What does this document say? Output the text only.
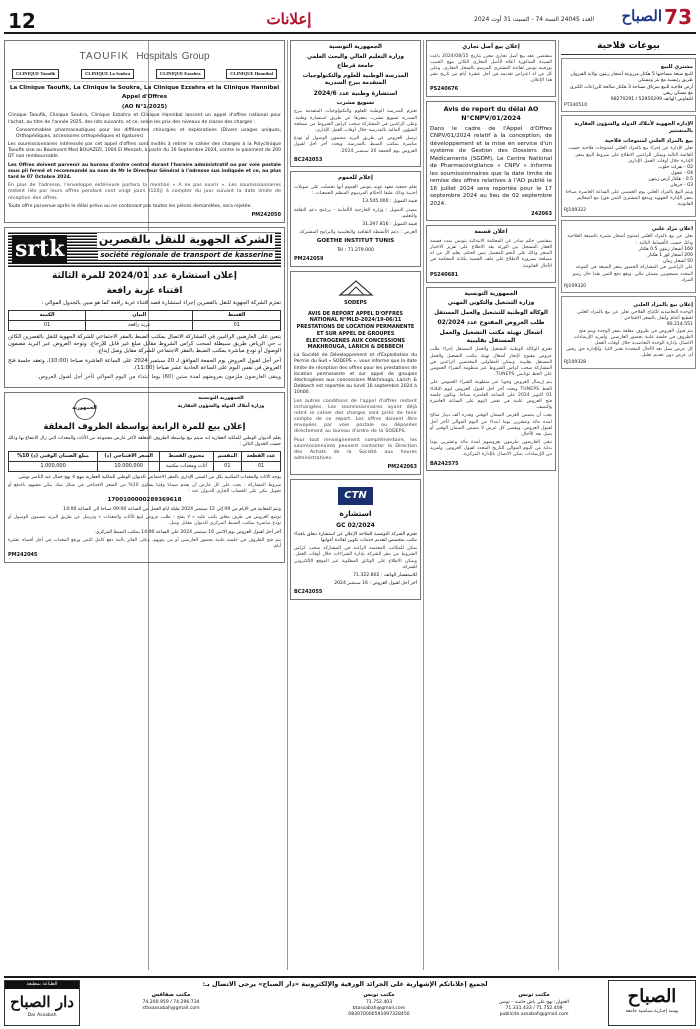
12	إعلانات	العدد 24045 السنة 74 - السبت 31 أوت 2024	73
الصباح
بيوعات فلاحية
مشتري للبيع

للبيع ضيعة مساحتها 5 هكتار مزروعة أشجار زيتون بولاية القيروان طريق رئيسية مع بئر ومسكن

أرض فلاحية للبيع بمرناق مساحة 3 هكتار صالحة للزراعات الكبرى مع مسكن ريفي

للتفاوض الهاتف 52950299 / 98270291

PT240510
الإدارة الجهوية لأملاك الدولة والشؤون العقارية بالمنستير
بيع بالمزاد العلني لمنتوجات فلاحية

تعلن الإدارة عن إجراء بيع بالمزاد العلني لمنتوجات فلاحية حسب القائمة التالية ويمكن للراغبين الاطلاع على شروط البيع بمقر الإدارة خلال أوقات العمل الإداري.

02 - بقرات حلوب

04 - عجول

0.5 - هكتار أرض زيتون

03 - خرفان

ويتم البيع بالمزاد العلني يوم الخميس على الساعة العاشرة صباحا بمقر الإدارة الجهوية ويدفع المشتري الثمن فورا مع المعاليم القانونية.

RJ109322
اعلان مزاد علني

يعلن عن بيع بالمزاد العلني لمنتوج أشجار مثمرة بالضيعة الفلاحية وذلك حسب الأقساط التالية :

160 أشجار زيتون 0.5 هكتار

200 أشجار لوز 1 هكتار

50 أشجار رمان

على الراغبين في المشاركة الحضور بمقر الضيعة في الموعد المحدد مصحوبين بضمان مالي. ويقع دفع الثمن نقدا حال رسو المزاد.

RJ109320
إعلان بيع بالمزاد العلني

الوحدة التعاضدية للإنتاج الفلاحي تعلن عن بيع بالمزاد العلني لقطيع أغنام وأبقار بالسعر الافتتاحي :

90.214.551

يتم قبول العروض في ظروف مغلقة بمقر الوحدة ويتم فتح الظروف في جلسة علنية بحضور العارضين. ولمزيد الإرشادات الاتصال بإدارة الوحدة التعاضدية خلال أوقات العمل.

كل عرض يصل بعد الآجال المحددة يعتبر لاغيا. وللإدارة حق رفض أي عرض دون تقديم تعليل.

RJ109328
إعلان بيع أصل تجاري

بمقتضى عقد بيع أصل تجاري محرر بتاريخ 2024/08/15 باعت السيدة المذكورة أعلاه الأصل التجاري الكائن بنهج الحبيب بورقيبة تونس لفائدة المشتري المرسم بالسجل التجاري. وعلى كل من له اعتراض تقديمه في أجل عشرة أيام من تاريخ نشر هذا الإعلان.

PS240676
Avis de report du délai AO N°CNPV/01/2024

Dans le cadre de l'Appel d'Offres CNPV/01/2024 relatif à la conception, de développement et la mise en service d'un système de Gestion des Dossiers des Médicaments (SGDM), Le Centre National de Pharmacovigilance « CNPV » informe les soumissionnaires que la date limite de remise des offres relatives à l'AO publié le 16 juillet 2024 sera reportée pour le 17 septembre 2024 au lieu de 02 septembre 2024.

242063
اعلان قسمة

بمقتضى حكم صادر عن المحكمة الابتدائية بتونس تمت قسمة العقار المسجل بين الورثة بعد الاطلاع على تقرير الاختبار المنجز وذلك على النحو المفصل بنص الحكم. يعلم كل من له مصلحة بضرورة الاطلاع على ملف القضية بكتابة المحكمة في الآجال القانونية.

PS240681
الجمهورية التونسية
وزارة التشغيل والتكوين المهني
الوكالة الوطنية للتشغيل والعمل المستقل
طلب العروض المفتوح عدد 02/2024
اشغال تهيئة مكتب التشغيل والعمل المستقل بقليبية

تعتزم الوكالة الوطنية للتشغيل والعمل المستقل إجراء طلب عروض مفتوح لإنجاز أشغال تهيئة مكتب التشغيل والعمل المستقل بقليبية. ويمكن للمقاولين المختصين الراغبين في المشاركة سحب كراس الشروط عبر منظومة الشراء العمومي على الخط تونابس TUNEPS.

يتم إرسال العروض وجوبا عبر منظومة الشراء العمومي على الخط TUNEPS ويحدد آخر أجل لقبول العروض ليوم الثلاثاء 01 أكتوبر 2024 على الساعة العاشرة صباحا. وتكون جلسة فتح العروض علنية في نفس اليوم على الساعة العاشرة والنصف.

يجب أن يتضمن العرض الضمان الوقتي وقدره ألف دينار صالح لمدة مائة وعشرين يوما ابتداء من اليوم الموالي لآخر أجل لقبول العروض. ويقصى كل عرض لا يتضمن الضمان الوقتي أو يصل بعد الآجال.

تبقى العارضون ملزمون بعروضهم لمدة مائة وعشرين يوما بداية من اليوم الموالي للتاريخ المحدد لقبول العروض. ولمزيد من الإرشادات يمكن الاتصال بالإدارة المركزية.

BA242575
الجمهورية التونسية
وزارة التعليم العالي والبحث العلمي
جامعة قرطاج
المدرسة الوطنية للعلوم والتكنولوجيات المتقدمة ببرج السدرية
استشارة وطنية عدد 2024/6
تسويغ مشرب

تعتزم المدرسة الوطنية للعلوم والتكنولوجيات المتقدمة ببرج السدرية تسويغ مشرب بمقرها عن طريق استشارة وطنية. وعلى الراغبين في المشاركة سحب كراس الشروط من مصلحة الشؤون المالية بالمدرسة خلال أوقات العمل الإداري.

ترسل العروض عن طريق البريد مضمون الوصول أو تودع مباشرة بمكتب الضبط بالمدرسة. ويحدد آخر أجل لقبول العروض يوم الجمعة 20 سبتمبر 2024.

BC242053
إعلام للعموم

تعلم جمعية معهد غوته بتونس العموم أنها تحصلت على تمويلات أجنبية وذلك طبقا لأحكام المرسوم المنظم للجمعيات :

قيمة التمويل : 13.545.000

مصدر التمويل : وزارة الخارجية الألمانية - برنامج دعم الثقافة والتعليم.

قيمة التمويل : 31.297.816

الغرض : دعم الأنشطة الثقافية والتعليمية والبرامج المشتركة.

GOETHE INSTITUT TUNIS

Tél : 71.279.000

PM242059
SODEPS
AVIS DE REPORT APPEL D'OFFRES NATIONAL N°MLD-2024/19-06/11 PRESTATIONS DE LOCATION PERMANENTE ET SUR APPEL DE GROUPES ELECTROGENES AUX CONCESSIONS MAKHROUGA, LARICH & DEBBECH

La Société de Développement et d'Exploitation du Permis du Sud « SODEPS », vous informe que la date limite de réception des offres pour les prestations de location permanente et sur appel de groupes électrogènes aux concessions Makhrouga, Larich & Debbech est reportée au lundi 16 septembre 2024 à 10h00.

Les autres conditions de l'appel d'offres restent inchangées. Les soumissionnaires ayant déjà retiré le cahier des charges sont priés de tenir compte de ce report. Les offres doivent être envoyées par voie postale ou déposées directement au bureau d'ordre de la SODEPS.

Pour tout renseignement complémentaire, les soumissionnaires peuvent contacter la Direction des Achats de la Société aux heures administratives.

PM242063
CTN
استشارة
2024/GC 02

تعتزم الشركة التونسية للملاحة الإعلان عن استشارة تتعلق باقتناء مكتب متخصص لتقديم خدمات تكوين لفائدة أعوانها

يمكن للمكاتب المختصة الراغبة في المشاركة سحب كراس الشروط من مقر الشركة بإدارة الشراءات خلال أوقات العمل. ويمكن الاطلاع على الوثائق المطلوبة عبر الموقع الإلكتروني للشركة.

للاستفسار الهاتف : 71.322.802

آخر أجل لقبول العروض : 16 سبتمبر 2024

BC242055
TAOUFIK Hospitals Group
CLINIQUE Taoufik	CLINIQUE La Soukra	CLINIQUE Ezzahra	CLINIQUE Hannibal
La Clinique Taoufik, La Clinique la Soukra, La Clinique Ezzahra et la Clinique Hannibal
Appel d'Offres
(AO N°1/2025)

Clinique Taoufik, Clinique Soukra, Clinique Ezzahra et Clinique Hannibal lancent un appel d'offres national pour l'achat, au titre de l'année 2025, des lots suivants, et ce, selon les prix des niveaux de classe des charges :

Consommables pharmaceutiques pour les différentes chirurgies et explorations (Divers usages uniques, Orthopédiques, accessoires orthopédiques et ligatures)

Les soumissionnaires intéressés par cet appel d'offres sont invités à retirer le cahier des charges à la Polyclinique Taoufik sise au Boulevard Med BOUAZIZI, 1004 El Menzah, à partir du 16 Septembre 2024, contre le paiement de 200 DT non remboursable.

Les Offres doivent parvenir au bureau d'ordre central durant l'horaire administratif ou par voie postale sous pli fermé et recommandé au nom de Mr le Directeur Général à l'adresse sus indiquée et ce, au plus tard le 07 Octobre 2024.

En plus de l'adresse, l'enveloppe extérieure portera la mention « A ne pas ouvrir ». Les soumissionnaires restent liés par leurs offres pendant cent vingt jours (120j) à compter du jour suivant la date limite de réception des offres.

Toute offre parvenue après le délai prévu ou ne contenant pas toutes les pièces demandées, sera rejetée.

PM242050
srtk	الشركة الجهوية للنقل بالقصرين
société régionale de transport de kasserine
إعلان استشارة عدد 2024/01 للمرة الثالثة
اقتناء عربة رافعة

تعتزم الشركة الجهوية للنقل بالقصرين إجراء استشارة قصد اقتناء عربة رافعة كما هو مبين بالجدول الموالي :

القسط	البيان	الكمية
01	عربة رافعة	01

يتعين على العارضين الراغبين في المشاركة الاتصال بمكتب الضبط بالمقر الاجتماعي للشركة الجهوية للنقل بالقصرين الكائن بـ حي الرياض طريق سبيطلة لسحب كراس الشروط مقابل مبلغ غير قابل للإرجاع. وتوجه العروض عبر البريد مضمون الوصول أو تودع مباشرة بمكتب الضبط بالمقر الاجتماعي للشركة مقابل وصل إيداع.

آخر أجل لقبول العروض يوم الجمعة الموافق لـ 20 سبتمبر 2024 على الساعة العاشرة صباحا (10:00)، وتعقد جلسة فتح العروض في نفس اليوم على الساعة الحادية عشر صباحا (11:00).

ويبقى العارضون ملزمون بعروضهم لمدة ستين (60) يوما ابتداء من اليوم الموالي لآخر أجل لقبول العروض.

الجمهورية التونسية
وزارة أملاك الدولة والشؤون العقارية
الجمهورية
إعلان بيع للمرة الرابعة بواسطة الظروف المغلقة

يعلم الديوان الوطني للملكية العقارية انه سيتم بيع بواسطة الظروف المغلقة لأكثر عارض مجموعة من الأثاث والمعدات التي زال الانتفاع بها وذلك حسب الجدول التالي :

عدد القطعة	المقسم	محتوى القسط	السعر الافتتاحي (د)	مبلغ الضمان الوقتي (د) 10%
01	01	أثاث ومعدات مكتبية	10.000,000	1.000,000

يوجه الأثاث والمعدات المكتبية بكل من المبنى الإداري بالمقر الاجتماعي للديوان الوطني للملكية العقارية بنهج 4 نهج جمال عبد الناصر تونس.

شروط المشاركة : يجب على كل عارض أن يقدم ضمانا وقتيا يساوي 10% من السعر الافتتاحي في شكل صك بنكي مشهود بالدفع أو تحويل بنكي على الحساب الجاري للديوان عدد :

1700100000289369618

وتتم المعاينة في الايام من 09 إلى 12 سبتمبر 2024 طيلة ايام العمل من الساعة 09:00 صباحا الى الساعة 14:00.

توضع العروض في ظرف مغلق يكتب عليه « لا يفتح - طلب عروض لبيع الأثاث والمعدات » وترسل عن طريق البريد مضمون الوصول أو تودع مباشرة بمكتب الضبط المركزي للديوان مقابل وصل.

آخر أجل لقبول العروض يوم الاثنين 16 سبتمبر 2024 على الساعة 14:00 بمكتب الضبط المركزي.

يتم فتح الظروف في جلسة علنية بحضور العارضين أو من ينوبهم. وعلى الفائز بالبتة دفع كامل الثمن ورفع المعدات في أجل أقصاه عشرة أيام.

PM242045
لجميع إعلاناتكم الإشهارية على الجرائد الورقية والإلكترونية «دار الصباح» يرجى الاتصال بـ:
الصباح
يومية إخبارية سياسية جامعة
مكتب تونس
العنوان: نهج علي باش حامبة – تونس
71.752.409 / 71.331.433
publicite.assabah@gmail.com
مكتب تونس
71.752.403
btassabah@gmail.com
083070000591097328450
مكتب صفاقس
74.296.734 / 74.200.959
sfaxassabah@gmail.com
الطباعة بمطبعة
دار الصباح
Dar Assabah
